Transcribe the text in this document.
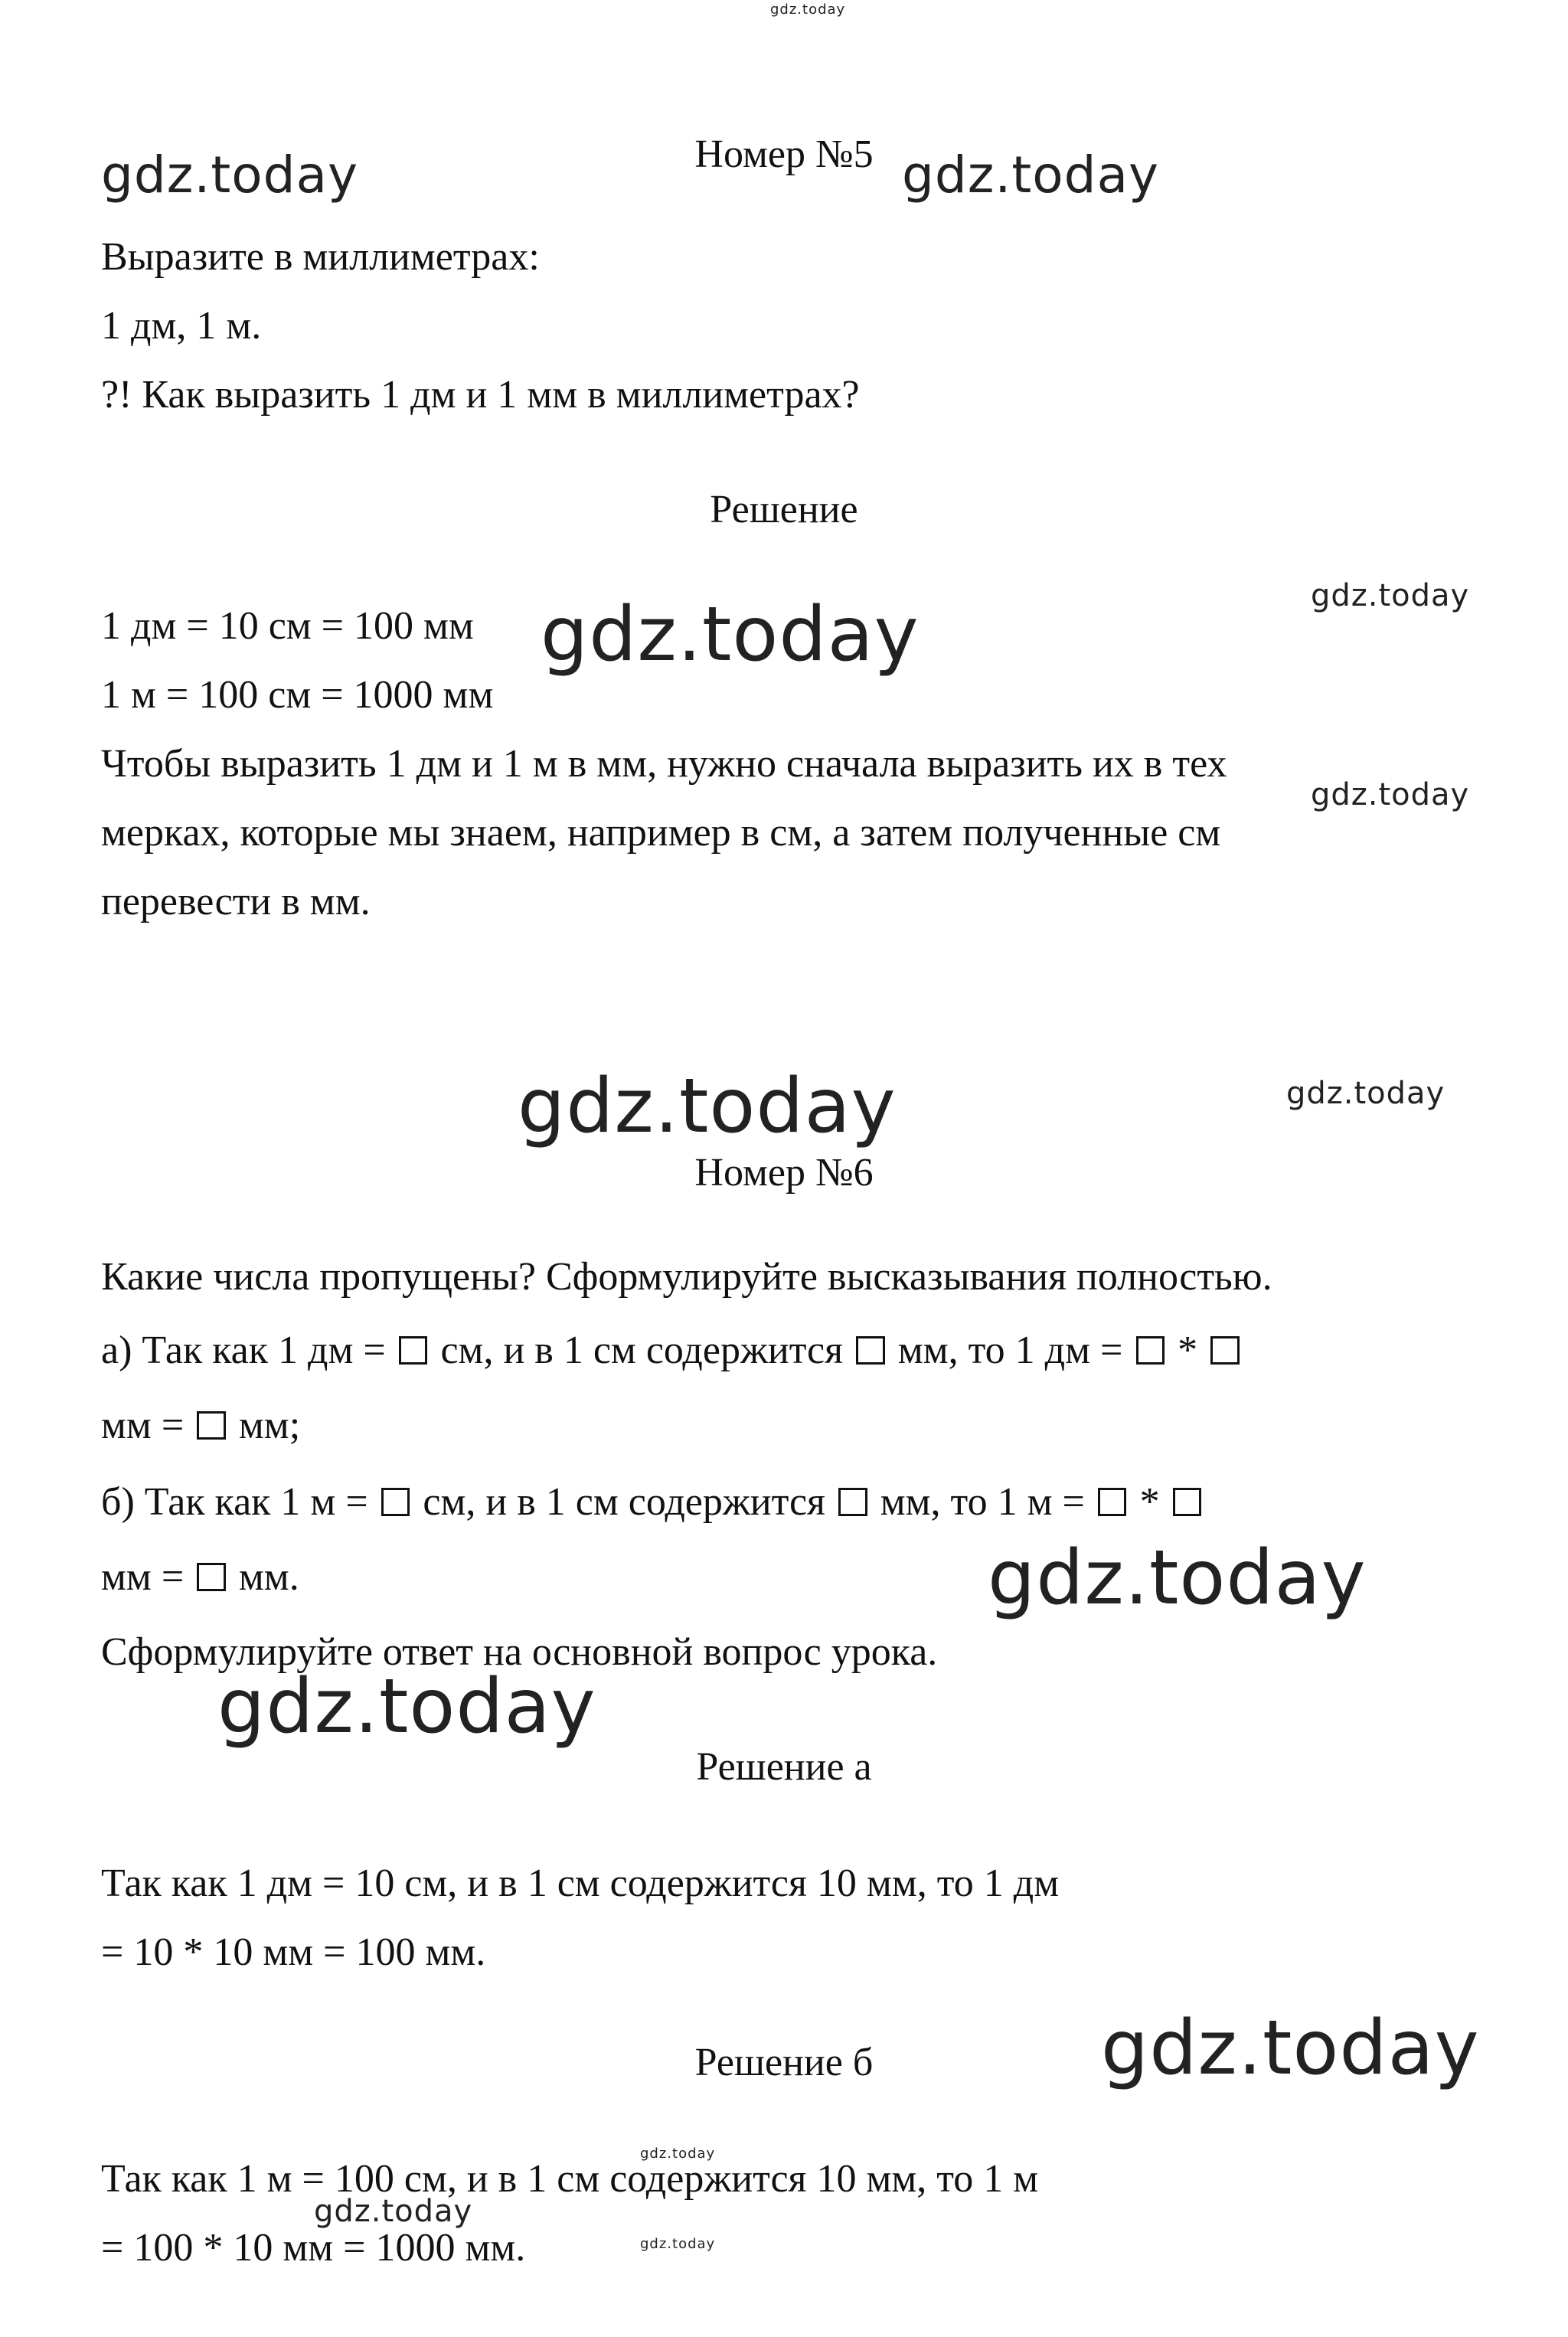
gdz.today
gdz.today	gdz.today
gdz.today
gdz.today
gdz.today
gdz.today	gdz.today
gdz.today
gdz.today
gdz.today
gdz.today
gdz.today
gdz.today
Номер №5
Выразите в миллиметрах:
1 дм, 1 м.
?! Как выразить 1 дм и 1 мм в миллиметрах?
Решение
1 дм = 10 см = 100 мм
1 м = 100 см = 1000 мм
Чтобы выразить 1 дм и 1 м в мм, нужно сначала выразить их в тех
мерках, которые мы знаем, например в см, а затем полученные см
перевести в мм.
Номер №6
Какие числа пропущены? Сформулируйте высказывания полностью.
а) Так как 1 дм =  см, и в 1 см содержится  мм, то 1 дм =  *
мм =  мм;
б) Так как 1 м =  см, и в 1 см содержится  мм, то 1 м =  *
мм =  мм.
Сформулируйте ответ на основной вопрос урока.
Решение а
Так как 1 дм = 10 см, и в 1 см содержится 10 мм, то 1 дм
= 10 * 10 мм = 100 мм.
Решение б
Так как 1 м = 100 см, и в 1 см содержится 10 мм, то 1 м
= 100 * 10 мм = 1000 мм.
